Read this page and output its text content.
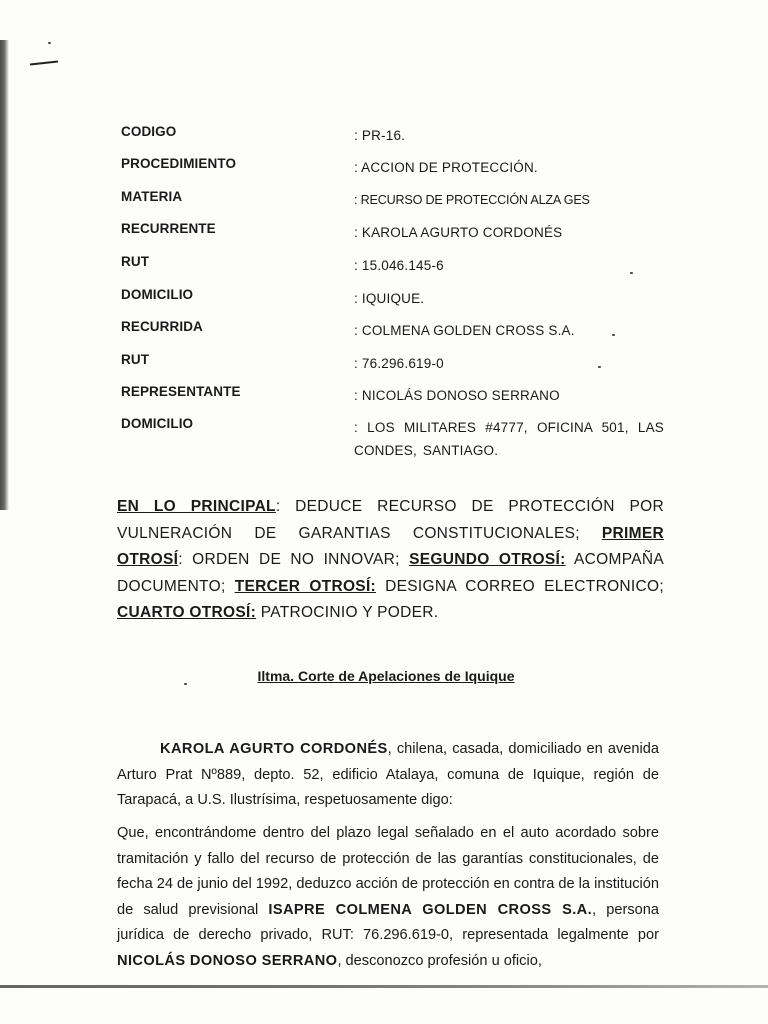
CODIGO	: PR-16.
PROCEDIMIENTO	: ACCION DE PROTECCIÓN.
MATERIA	: RECURSO DE PROTECCIÓN ALZA GES
RECURRENTE	: KAROLA AGURTO CORDONÉS
RUT	: 15.046.145-6
DOMICILIO	: IQUIQUE.
RECURRIDA	: COLMENA GOLDEN CROSS S.A.
RUT	: 76.296.619-0
REPRESENTANTE	: NICOLÁS DONOSO SERRANO
DOMICILIO	: LOS MILITARES #4777, OFICINA 501, LAS CONDES, SANTIAGO.
EN LO PRINCIPAL: DEDUCE RECURSO DE PROTECCIÓN POR VULNERACIÓN DE GARANTIAS CONSTITUCIONALES; PRIMER OTROSÍ: ORDEN DE NO INNOVAR; SEGUNDO OTROSÍ: ACOMPAÑA DOCUMENTO; TERCER OTROSÍ: DESIGNA CORREO ELECTRONICO; CUARTO OTROSÍ: PATROCINIO Y PODER.
Iltma. Corte de Apelaciones de Iquique
KAROLA AGURTO CORDONÉS, chilena, casada, domiciliado en avenida Arturo Prat Nº889, depto. 52, edificio Atalaya, comuna de Iquique, región de Tarapacá, a U.S. Ilustrísima, respetuosamente digo:
Que, encontrándome dentro del plazo legal señalado en el auto acordado sobre tramitación y fallo del recurso de protección de las garantías constitucionales, de fecha 24 de junio del 1992, deduzco acción de protección en contra de la institución de salud previsional ISAPRE COLMENA GOLDEN CROSS S.A., persona jurídica de derecho privado, RUT: 76.296.619-0, representada legalmente por NICOLÁS DONOSO SERRANO, desconozco profesión u oficio,
